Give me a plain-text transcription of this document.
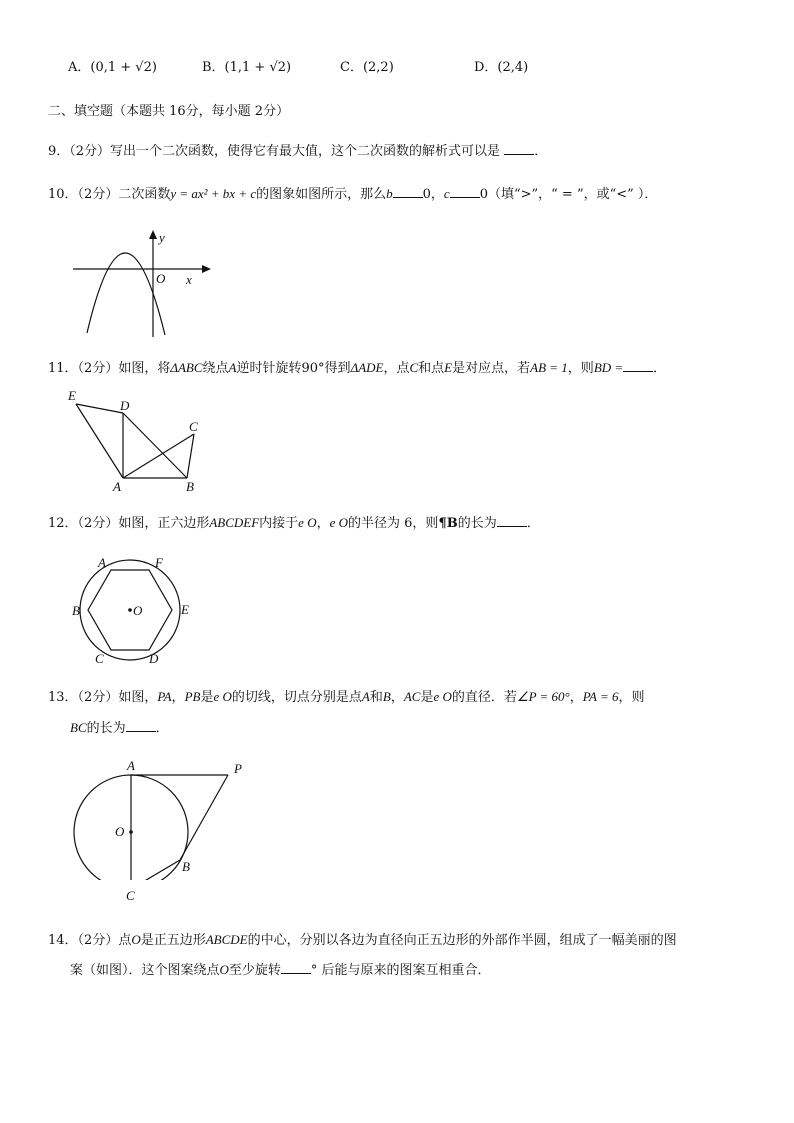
A．(0,1 + √2)	B．(1,1 + √2)	C．(2,2)	D．(2,4)
二、填空题（本题共 16分，每小题 2分）
9．（2分）写出一个二次函数，使得它有最大值，这个二次函数的解析式可以是	．
10．（2分）二次函数y = ax² + bx + c的图象如图所示，那么b 0，c 0（填“>”，“ = ”，或“<” ）．
y
O x
11．（2分）如图，将ΔABC绕点A逆时针旋转90°得到ΔADE，点C和点E是对应点，若AB = 1，则BD = ．
E
D
C
A	B
12．（2分）如图，正六边形ABCDEF内接于e O，e O的半径为 6，则¶B的长为 ．
A	F
B	O	E
C	D
13．（2分）如图，PA，PB是e O的切线，切点分别是点A和B，AC是e O的直径．若∠P = 60°，PA = 6，则
BC的长为 ．
A	P
O
B
C
14．（2分）点O是正五边形ABCDE的中心，分别以各边为直径向正五边形的外部作半圆，组成了一幅美丽的图
案（如图）．这个图案绕点O至少旋转 ° 后能与原来的图案互相重合．
